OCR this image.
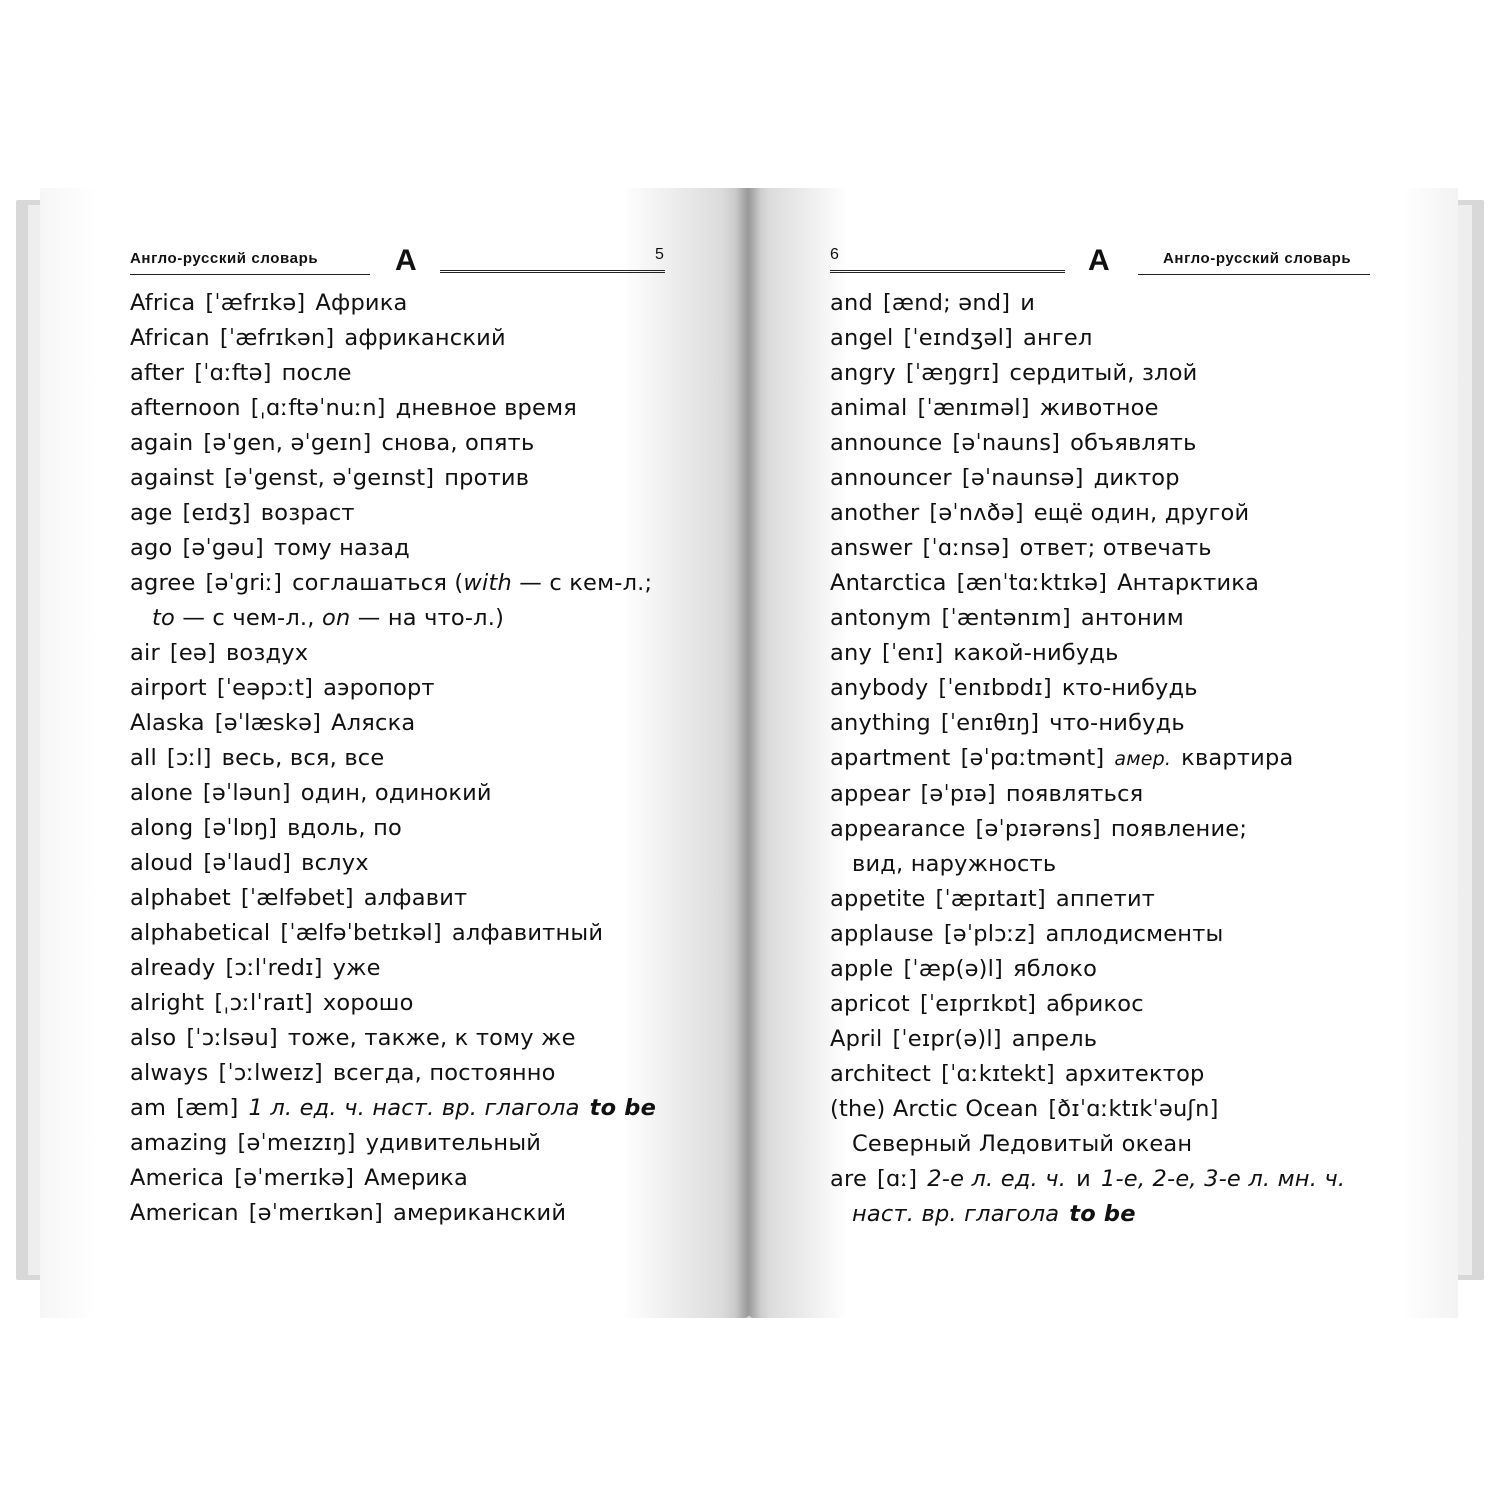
Англо-русский словарь	A	5
Africa [ˈæfrɪkə] Африка
African [ˈæfrɪkən] африканский
after [ˈɑːftə] после
afternoon [ˌɑːftəˈnuːn] дневное время
again [əˈgen, əˈgeɪn] снова, опять
against [əˈgenst, əˈgeɪnst] против
age [eɪdʒ] возраст
ago [əˈgəu] тому назад
agree [əˈgriː] соглашаться (with — с кем-л.;
to — с чем-л., on — на что-л.)
air [eə] воздух
airport [ˈeəpɔːt] аэропорт
Alaska [əˈlæskə] Аляска
all [ɔːl] весь, вся, все
alone [əˈləun] один, одинокий
along [əˈlɒŋ] вдоль, по
aloud [əˈlaud] вслух
alphabet [ˈælfəbet] алфавит
alphabetical [ˈælfəˈbetɪkəl] алфавитный
already [ɔːlˈredɪ] уже
alright [ˌɔːlˈraɪt] хорошо
also [ˈɔːlsəu] тоже, также, к тому же
always [ˈɔːlweɪz] всегда, постоянно
am [æm] 1 л. ед. ч. наст. вр. глагола to be
amazing [əˈmeɪzɪŋ] удивительный
America [əˈmerɪkə] Америка
American [əˈmerɪkən] американский
6	A	Англо-русский словарь
and [ænd; ənd] и
angel [ˈeɪndʒəl] ангел
angry [ˈæŋgrɪ] сердитый, злой
animal [ˈænɪməl] животное
announce [əˈnauns] объявлять
announcer [əˈnaunsə] диктор
another [əˈnʌðə] ещё один, другой
answer [ˈɑːnsə] ответ; отвечать
Antarctica [ænˈtɑːktɪkə] Антарктика
antonym [ˈæntənɪm] антоним
any [ˈenɪ] какой-нибудь
anybody [ˈenɪbɒdɪ] кто-нибудь
anything [ˈenɪθɪŋ] что-нибудь
apartment [əˈpɑːtmənt] амер. квартира
appear [əˈpɪə] появляться
appearance [əˈpɪərəns] появление;
вид, наружность
appetite [ˈæpɪtaɪt] аппетит
applause [əˈplɔːz] аплодисменты
apple [ˈæp(ə)l] яблоко
apricot [ˈeɪprɪkɒt] абрикос
April [ˈeɪpr(ə)l] апрель
architect [ˈɑːkɪtekt] архитектор
(the) Arctic Ocean [ðɪˈɑːktɪkˈəuʃn]
Северный Ледовитый океан
are [ɑː] 2-е л. ед. ч. и 1-е, 2-е, 3-е л. мн. ч.
наст. вр. глагола to be
